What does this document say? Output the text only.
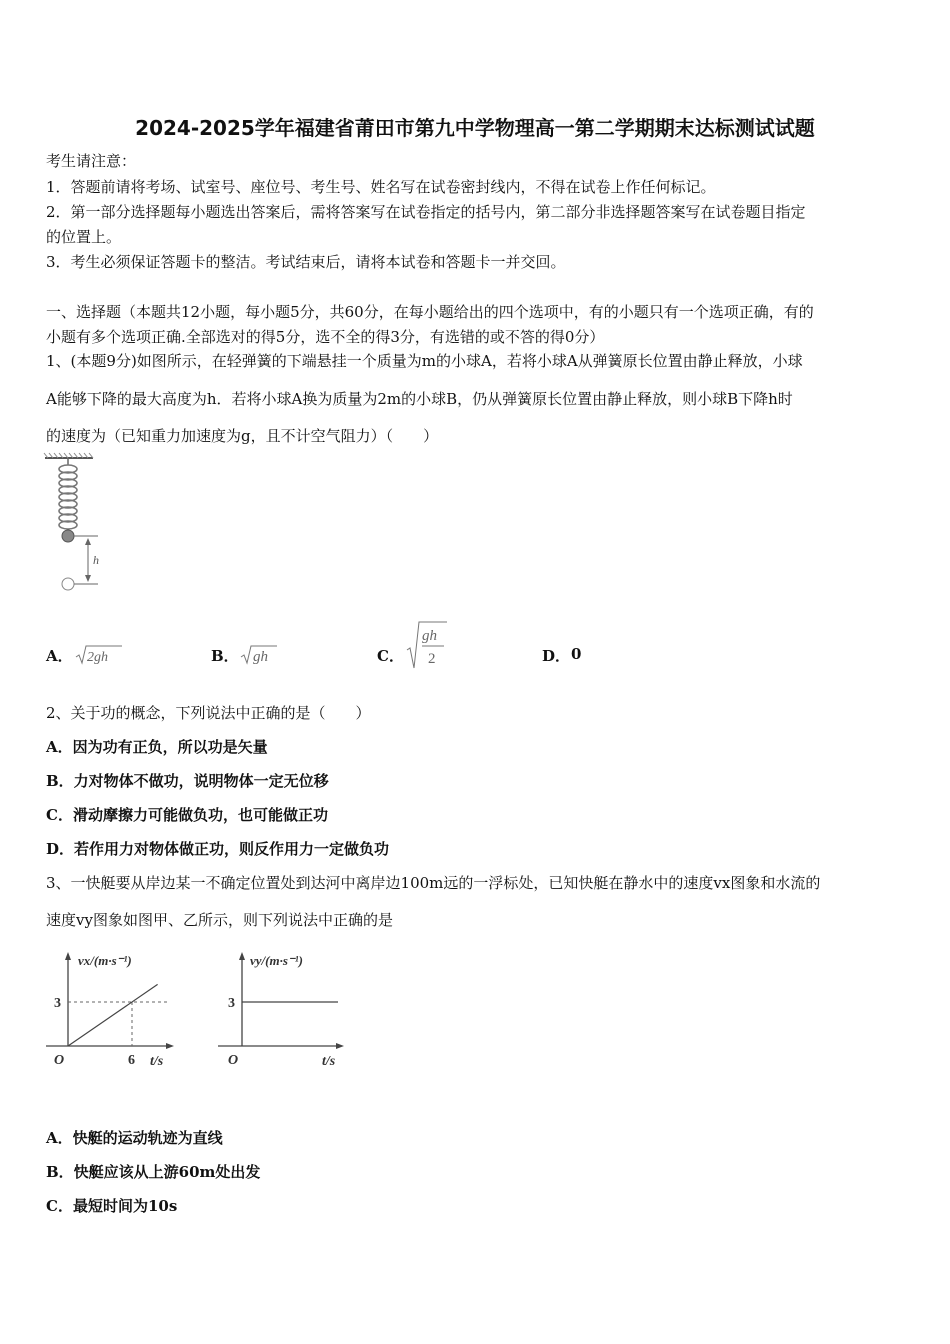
2024-2025学年福建省莆田市第九中学物理高一第二学期期末达标测试试题
考生请注意：
1．答题前请将考场、试室号、座位号、考生号、姓名写在试卷密封线内，不得在试卷上作任何标记。
2．第一部分选择题每小题选出答案后，需将答案写在试卷指定的括号内，第二部分非选择题答案写在试卷题目指定
的位置上。
3．考生必须保证答题卡的整洁。考试结束后，请将本试卷和答题卡一并交回。
一、选择题（本题共12小题，每小题5分，共60分，在每小题给出的四个选项中，有的小题只有一个选项正确，有的
小题有多个选项正确.全部选对的得5分，选不全的得3分，有选错的或不答的得0分）
1、(本题9分)如图所示，在轻弹簧的下端悬挂一个质量为m的小球A，若将小球A从弹簧原长位置由静止释放，小球
A能够下降的最大高度为h．若将小球A换为质量为2m的小球B，仍从弹簧原长位置由静止释放，则小球B下降h时
的速度为（已知重力加速度为g，且不计空气阻力）（　　）
h
A． 2gh	B． gh	C．
gh
2	D． 0
2、关于功的概念，下列说法中正确的是（　　）
A．因为功有正负，所以功是矢量
B．力对物体不做功，说明物体一定无位移
C．滑动摩擦力可能做负功，也可能做正功
D．若作用力对物体做正功，则反作用力一定做负功
3、一快艇要从岸边某一不确定位置处到达河中离岸边100m远的一浮标处，已知快艇在静水中的速度vx图象和水流的
速度vy图象如图甲、乙所示，则下列说法中正确的是
vx/(m·s⁻¹)
t/s
O
3
6
vy/(m·s⁻¹)
t/s
O
3
A．快艇的运动轨迹为直线
B．快艇应该从上游60m处出发
C．最短时间为10s
